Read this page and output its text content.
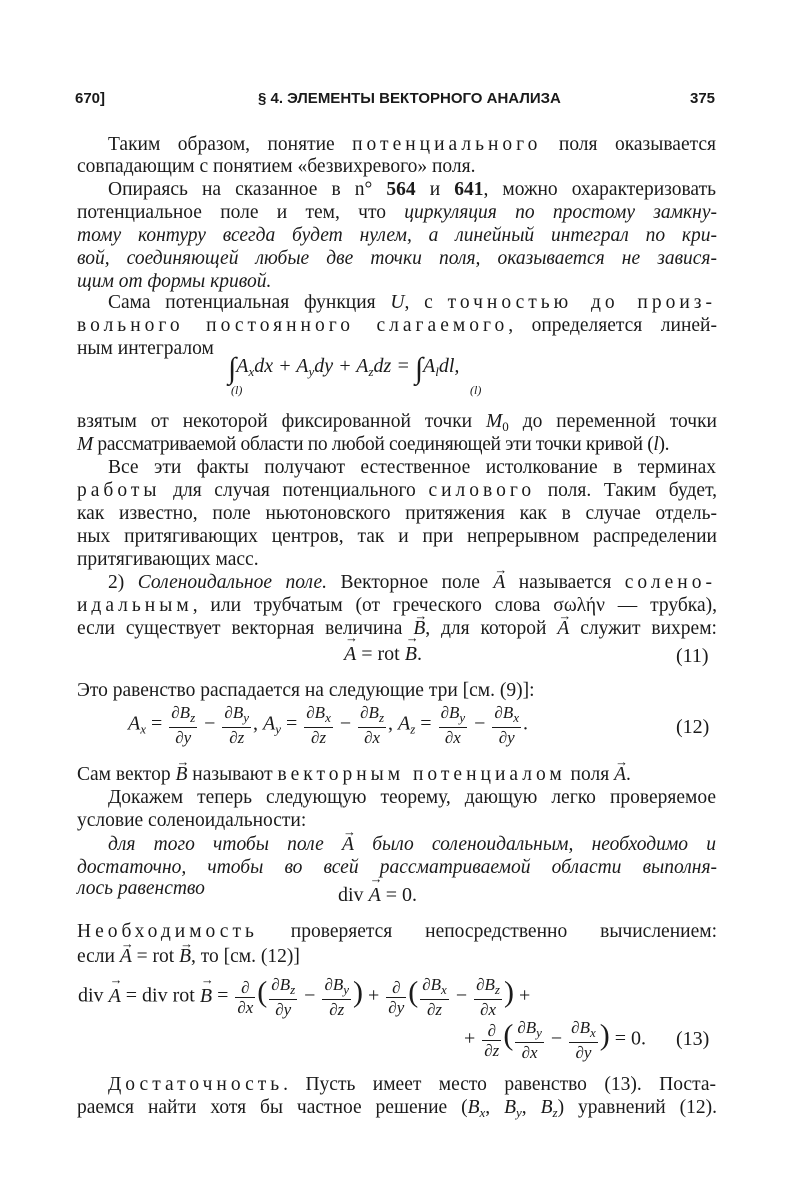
670]	§ 4. ЭЛЕМЕНТЫ ВЕКТОРНОГО АНАЛИЗА	375
Таким образом, понятие потенциального поля оказывается
совпадающим с понятием «безвихревого» поля.
Опираясь на сказанное в n° 564 и 641, можно охарактеризовать
потенциальное поле и тем, что циркуляция по простому замкну-
тому контуру всегда будет нулем, а линейный интеграл по кри-
вой, соединяющей любые две точки поля, оказывается не завися-
щим от формы кривой.
Сама потенциальная функция U, с точностью до произ-
вольного постоянного слагаемого, определяется линей-
ным интегралом
$\int A_xdx + A_ydy + A_zdz = \int A_ldl$,
(l)	(l)
взятым от некоторой фиксированной точки $M_0$ до переменной точки
M рассматриваемой области по любой соединяющей эти точки кривой (l).
Все эти факты получают естественное истолкование в терминах
работы для случая потенциального силового поля. Таким будет,
как известно, поле ньютоновского притяжения как в случае отдель-
ных притягивающих центров, так и при непрерывном распределении
притягивающих масс.
2) Соленоидальное поле. Векторное поле → A называется солено-
идальным, или трубчатым (от греческого слова σωλήν — трубка),
если существует векторная величина → B, для которой → A служит вихрем:
→ A = rot → B.	(11)
Это равенство распадается на следующие три [см. (9)]:
$A_x = \frac{\partial B_z}{\partial y} - \frac{\partial B_y}{\partial z}$ , $A_y = \frac{\partial B_x}{\partial z} - \frac{\partial B_z}{\partial x}$ , $A_z = \frac{\partial B_y}{\partial x} - \frac{\partial B_x}{\partial y}$ .	(12)
Сам вектор → B называют векторным потенциалом поля → A.
Докажем теперь следующую теорему, дающую легко проверяемое
условие соленоидальности:
для того чтобы поле → A было соленоидальным, необходимо и
достаточно, чтобы во всей рассматриваемой области выполня-
лось равенство	div → A = 0.
Необходимость проверяется непосредственно вычислением:
если → A = rot → B, то [см. (12)]
div → A = div rot → $B = \frac{\partial}{\partial x}$ ( $\frac{\partial B_z}{\partial y} - \frac{\partial B_y}{\partial z}$ ) + $\frac{\partial}{\partial y}$ ( $\frac{\partial B_x}{\partial z} - \frac{\partial B_z}{\partial x}$ ) +
+ $\frac{\partial}{\partial z}$ ( $\frac{\partial B_y}{\partial x} - \frac{\partial B_x}{\partial y}$ ) = 0. (13)
Достаточность. Пусть имеет место равенство (13). Поста-
раемся найти хотя бы частное решение ($B_x$, $B_y$, $B_z$) уравнений (12).
